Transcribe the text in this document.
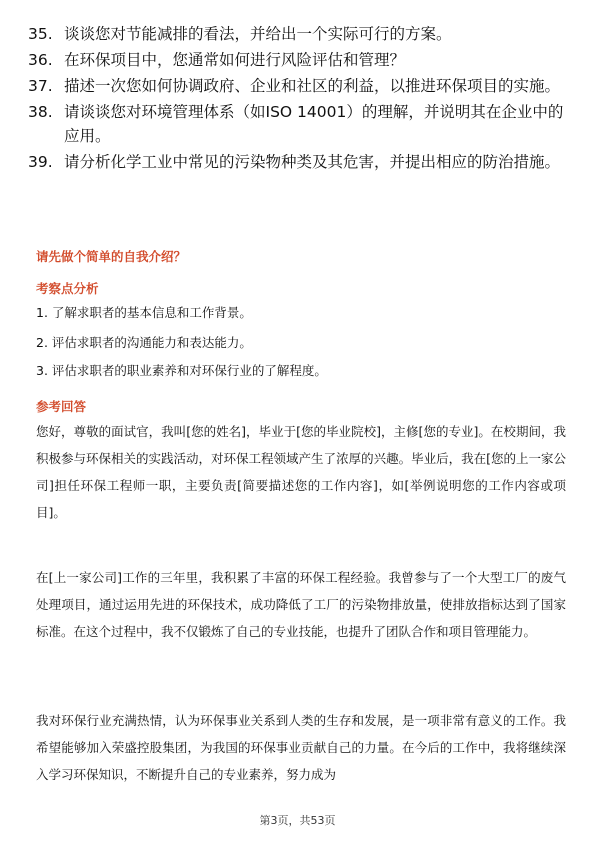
35. 谈谈您对节能减排的看法，并给出一个实际可行的方案。
36. 在环保项目中，您通常如何进行风险评估和管理？
37. 描述一次您如何协调政府、企业和社区的利益，以推进环保项目的实施。
38. 请谈谈您对环境管理体系（如ISO 14001）的理解，并说明其在企业中的应用。
39. 请分析化学工业中常见的污染物种类及其危害，并提出相应的防治措施。
请先做个简单的自我介绍？
考察点分析
1. 了解求职者的基本信息和工作背景。
2. 评估求职者的沟通能力和表达能力。
3. 评估求职者的职业素养和对环保行业的了解程度。
参考回答
您好，尊敬的面试官，我叫[您的姓名]，毕业于[您的毕业院校]，主修[您的专业]。在校期间，我积极参与环保相关的实践活动，对环保工程领域产生了浓厚的兴趣。毕业后，我在[您的上一家公司]担任环保工程师一职，主要负责[简要描述您的工作内容]，如[举例说明您的工作内容或项目]。
在[上一家公司]工作的三年里，我积累了丰富的环保工程经验。我曾参与了一个大型工厂的废气处理项目，通过运用先进的环保技术，成功降低了工厂的污染物排放量，使排放指标达到了国家标准。在这个过程中，我不仅锻炼了自己的专业技能，也提升了团队合作和项目管理能力。
我对环保行业充满热情，认为环保事业关系到人类的生存和发展，是一项非常有意义的工作。我希望能够加入荣盛控股集团，为我国的环保事业贡献自己的力量。在今后的工作中，我将继续深入学习环保知识，不断提升自己的专业素养，努力成为
第3页，共53页
